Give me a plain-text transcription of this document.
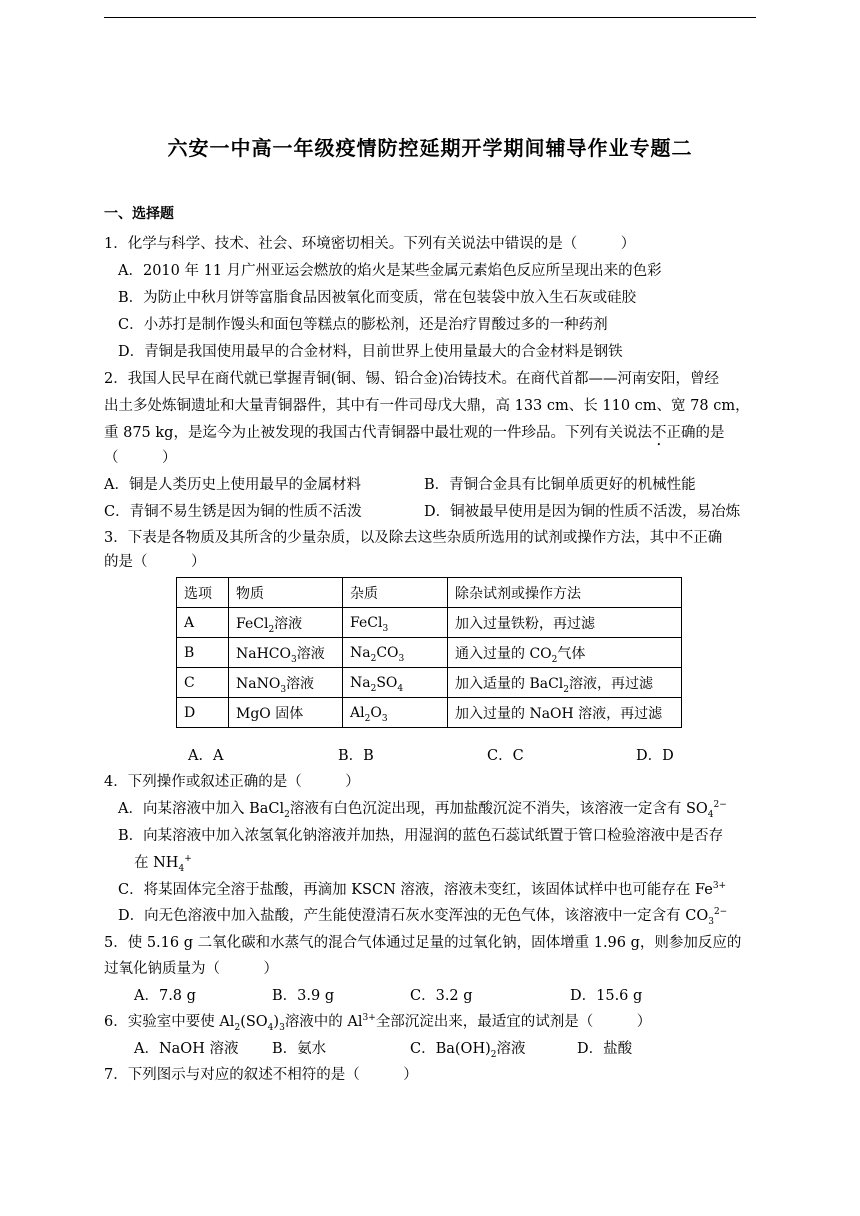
六安一中高一年级疫情防控延期开学期间辅导作业专题二
一、选择题
1．化学与科学、技术、社会、环境密切相关。下列有关说法中错误的是（　　　）
A．2010 年 11 月广州亚运会燃放的焰火是某些金属元素焰色反应所呈现出来的色彩
B．为防止中秋月饼等富脂食品因被氧化而变质，常在包装袋中放入生石灰或硅胶
C．小苏打是制作馒头和面包等糕点的膨松剂，还是治疗胃酸过多的一种药剂
D．青铜是我国使用最早的合金材料，目前世界上使用量最大的合金材料是钢铁
2．我国人民早在商代就已掌握青铜(铜、锡、铅合金)冶铸技术。在商代首都——河南安阳，曾经
出土多处炼铜遗址和大量青铜器件，其中有一件司母戊大鼎，高 133 cm、长 110 cm、宽 78 cm，
重 875 kg，是迄今为止被发现的我国古代青铜器中最壮观的一件珍品。下列有关说法不正确的是
（　　　）
A．铜是人类历史上使用最早的金属材料	B．青铜合金具有比铜单质更好的机械性能
C．青铜不易生锈是因为铜的性质不活泼	D．铜被最早使用是因为铜的性质不活泼，易冶炼
3．下表是各物质及其所含的少量杂质，以及除去这些杂质所选用的试剂或操作方法，其中不正确
的是（　　　）
选项	物质	杂质	除杂试剂或操作方法
A	FeCl$_2$溶液	FeCl$_3$	加入过量铁粉，再过滤
B	NaHCO$_3$溶液	$Na_2CO_3$	通入过量的 $CO_2$气体
C	NaNO$_3$溶液	$Na_2SO_4$	加入适量的 BaCl$_2$溶液，再过滤
D	MgO 固体	$Al_2O_3$	加入过量的 NaOH 溶液，再过滤
A．A	B．B	C．C	D．D
4．下列操作或叙述正确的是（　　　）
A．向某溶液中加入 BaCl$_2$溶液有白色沉淀出现，再加盐酸沉淀不消失，该溶液一定含有 $SO_4^{2-}$
B．向某溶液中加入浓氢氧化钠溶液并加热，用湿润的蓝色石蕊试纸置于管口检验溶液中是否存
在 $NH_4^+$
C．将某固体完全溶于盐酸，再滴加 KSCN 溶液，溶液未变红，该固体试样中也可能存在 $Fe^{3+}$
D．向无色溶液中加入盐酸，产生能使澄清石灰水变浑浊的无色气体，该溶液中一定含有 $CO_3^{2-}$
5．使 5.16 g 二氧化碳和水蒸气的混合气体通过足量的过氧化钠，固体增重 1.96 g，则参加反应的
过氧化钠质量为（　　　）
A．7.8 g	B．3.9 g	C．3.2 g	D．15.6 g
6．实验室中要使 $Al_2(SO_4)_3$溶液中的 $Al^{3+}$全部沉淀出来，最适宜的试剂是（　　　）
A．NaOH 溶液 B．氨水	C．$Ba(OH)_2$溶液	D．盐酸
7．下列图示与对应的叙述不相符的是（　　　）
